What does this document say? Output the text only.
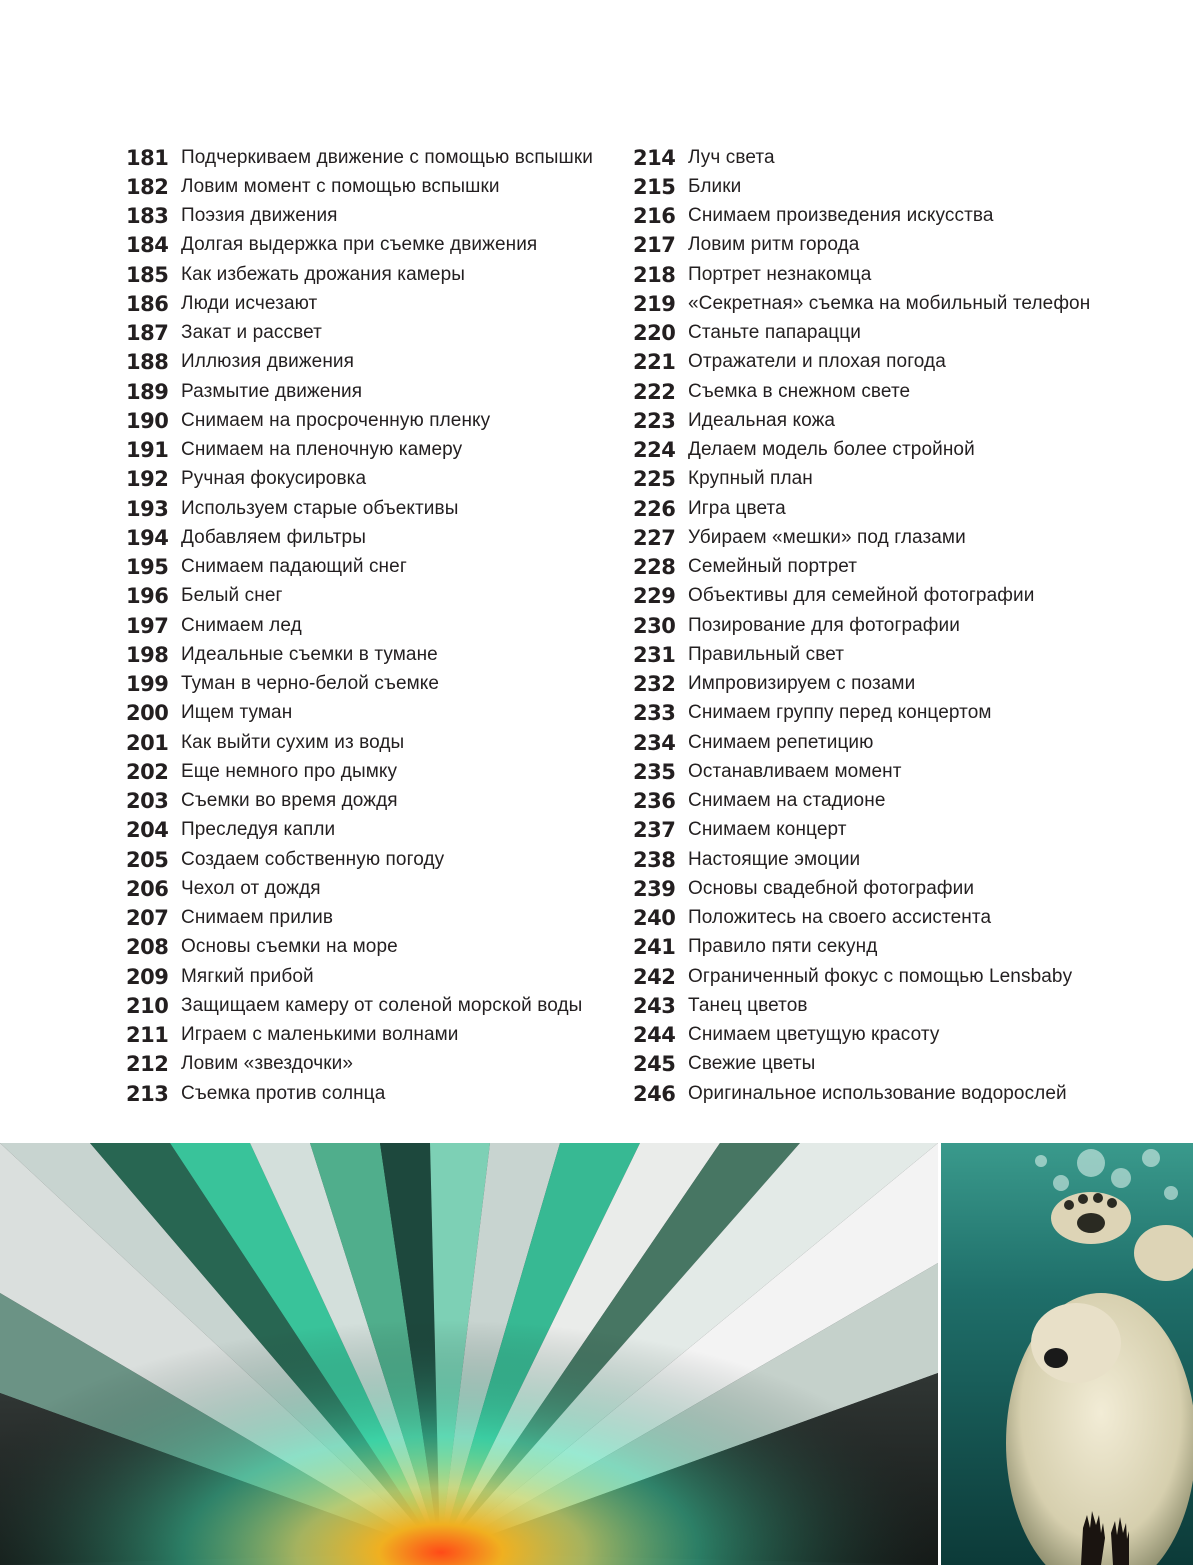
181 Подчеркиваем движение с помощью вспышки
182 Ловим момент с помощью вспышки
183 Поэзия движения
184 Долгая выдержка при съемке движения
185 Как избежать дрожания камеры
186 Люди исчезают
187 Закат и рассвет
188 Иллюзия движения
189 Размытие движения
190 Снимаем на просроченную пленку
191 Снимаем на пленочную камеру
192 Ручная фокусировка
193 Используем старые объективы
194 Добавляем фильтры
195 Снимаем падающий снег
196 Белый снег
197 Снимаем лед
198 Идеальные съемки в тумане
199 Туман в черно-белой съемке
200 Ищем туман
201 Как выйти сухим из воды
202 Еще немного про дымку
203 Съемки во время дождя
204 Преследуя капли
205 Создаем собственную погоду
206 Чехол от дождя
207 Снимаем прилив
208 Основы съемки на море
209 Мягкий прибой
210 Защищаем камеру от соленой морской воды
211 Играем с маленькими волнами
212 Ловим «звездочки»
213 Съемка против солнца
214 Луч света
215 Блики
216 Снимаем произведения искусства
217 Ловим ритм города
218 Портрет незнакомца
219 «Секретная» съемка на мобильный телефон
220 Станьте папарацци
221 Отражатели и плохая погода
222 Съемка в снежном свете
223 Идеальная кожа
224 Делаем модель более стройной
225 Крупный план
226 Игра цвета
227 Убираем «мешки» под глазами
228 Семейный портрет
229 Объективы для семейной фотографии
230 Позирование для фотографии
231 Правильный свет
232 Импровизируем с позами
233 Снимаем группу перед концертом
234 Снимаем репетицию
235 Останавливаем момент
236 Снимаем на стадионе
237 Снимаем концерт
238 Настоящие эмоции
239 Основы свадебной фотографии
240 Положитесь на своего ассистента
241 Правило пяти секунд
242 Ограниченный фокус с помощью Lensbaby
243 Танец цветов
244 Снимаем цветущую красоту
245 Свежие цветы
246 Оригинальное использование водорослей
